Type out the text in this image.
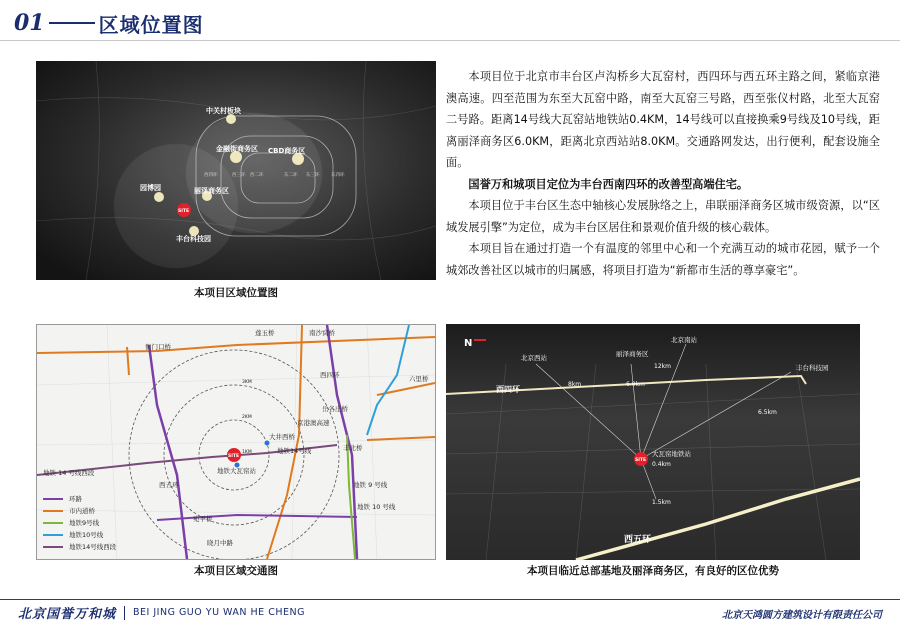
01	区域位置图
中关村板块
金融街商务区 CBD商务区
园博园	丽泽商务区
丰台科技园
西四环	西三环 西二环	东二环 东三环	东四环
SITE
本项目区域位置图

本项目位于北京市丰台区卢沟桥乡大瓦窑村，西四环与西五环主路之间，紧临京港澳高速。四至范围为东至大瓦窑中路，南至大瓦窑三号路，西至张仪村路，北至大瓦窑二号路。距离14号线大瓦窑站地铁站0.4KM，14号线可以直接换乘9号线及10号线，距离丽泽商务区6.0KM，距离北京西站站8.0KM。交通路网发达，出行便利，配套设施全面。

国誉万和城项目定位为丰台西南四环的改善型高端住宅。

本项目位于丰台区生态中轴核心发展脉络之上，串联丽泽商务区城市级资源，以“区域发展引擎”为定位，成为丰台区居住和景观价值升级的核心载体。

本项目旨在通过打造一个有温度的邻里中心和一个充满互动的城市花园，赋予一个城郊改善社区以城市的归属感，将项目打造为“新都市生活的尊享豪宅”。

SITE
莲玉桥	南沙窝桥
衙门口桥
西四环	六里桥
岳各庄桥
京港澳高速
大井西桥
地铁 14 号线西段
地铁14号线	丰北桥
地铁 9 号线
地铁 10 号线
宛平桥
西五环
地铁大瓦窑站
晓月中路
1KM
2KM
3KM
环路
市内道桥
地铁9号线
地铁10号线
地铁14号线西段
本项目区域交通图
北京西站
北京南站
丽泽商务区
丰台科技园
西四环
西五环
大瓦窑地铁站
8km	6.0km
12km
6.5km
0.4km
1.5km
N
SITE
本项目临近总部基地及丽泽商务区，有良好的区位优势
北京国誉万和城 BEI JING GUO YU WAN HE CHENG	北京天鸿圆方建筑设计有限责任公司
